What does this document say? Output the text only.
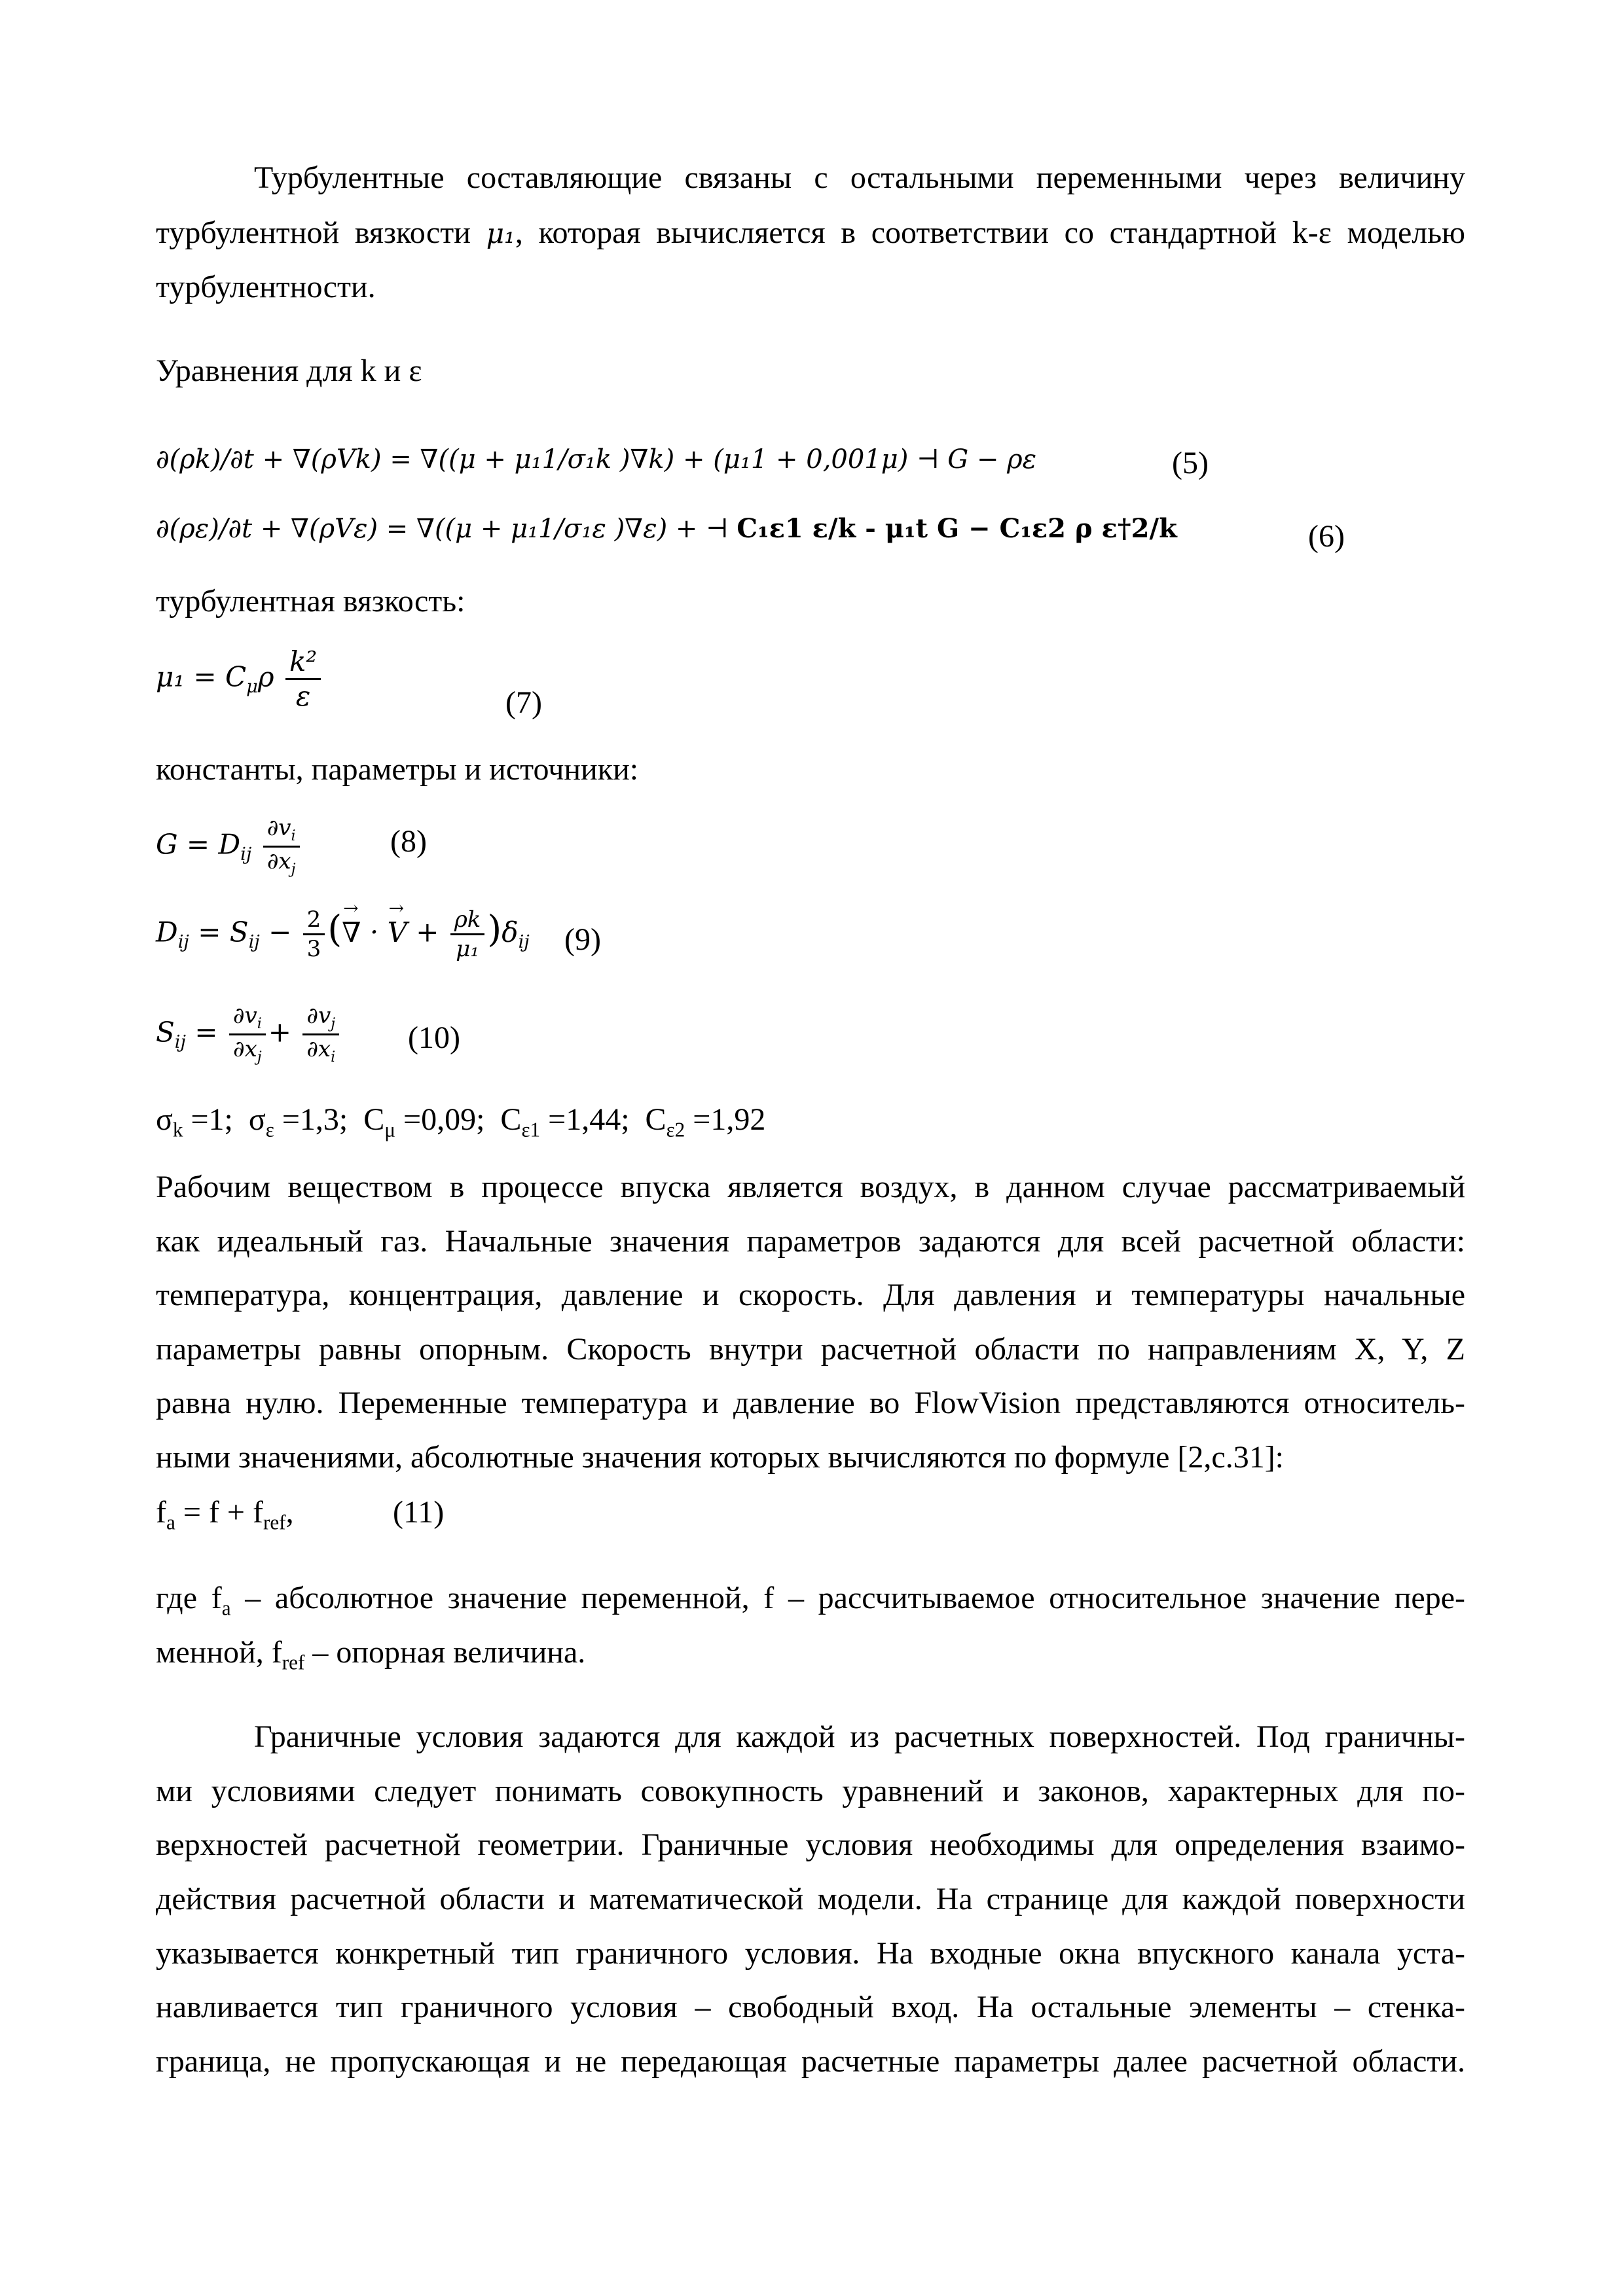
Турбулентные составляющие связаны с остальными переменными через величину
турбулентной вязкости μ₁, которая вычисляется в соответствии со стандартной k-ε моделью
турбулентности.
Уравнения для k и ε
∂(ρk)/∂t + ∇(ρVk) = ∇((μ + μ₁1/σ₁k )∇k) + (μ₁1 + 0,001μ) ⊣ G − ρε	(5)
∂(ρε)/∂t + ∇(ρVε) = ∇((μ + μ₁1/σ₁ε )∇ε) + ⊣ C₁ε1 ε/k - μ₁t G − C₁ε2 ρ ε†2/k	(6)
турбулентная вязкость:
$\mu_1 = C_\mu\rho \frac{\text{k²}}{\varepsilon}$	(7)
константы, параметры и источники:
$G = D_{ij} \frac{\partial v_i}{\partial x_j}$	(8)
$D_{ij} = S_{ij} - \frac{2}{3}$ (→ ∇ · → $V + \frac{\rho k}{\text{μ₁}} )\delta_{ij}$ (9)
$S_{ij} = \frac{\partial v_i}{\partial x_j} + \frac{\partial v_j}{\partial x_i} (10)$
$\sigma_k =1$;  $\sigma_\varepsilon =1,3$;  $C_\mu =0,09$;  $C_{\varepsilon 1} =1,44$;  $C_{\varepsilon 2} =1,92$
Рабочим веществом в процессе впуска является воздух, в данном случае рассматриваемый
как идеальный газ. Начальные значения параметров задаются для всей расчетной области:
температура, концентрация, давление и скорость. Для давления и температуры начальные
параметры равны опорным. Скорость внутри расчетной области по направлениям X, Y, Z
равна нулю. Переменные температура и давление во FlowVision представляются относитель-
ными значениями, абсолютные значения которых вычисляются по формуле [2,с.31]:
$f_a = f + f_{ref}$,	(11)
где $f_a$ – абсолютное значение переменной, f – рассчитываемое относительное значение пере-
менной, $f_{ref}$ – опорная величина.
Граничные условия задаются для каждой из расчетных поверхностей. Под граничны-
ми условиями следует понимать совокупность уравнений и законов, характерных для по-
верхностей расчетной геометрии. Граничные условия необходимы для определения взаимо-
действия расчетной области и математической модели. На странице для каждой поверхности
указывается конкретный тип граничного условия. На входные окна впускного канала уста-
навливается тип граничного условия – свободный вход. На остальные элементы – стенка-
граница, не пропускающая и не передающая расчетные параметры далее расчетной области.
